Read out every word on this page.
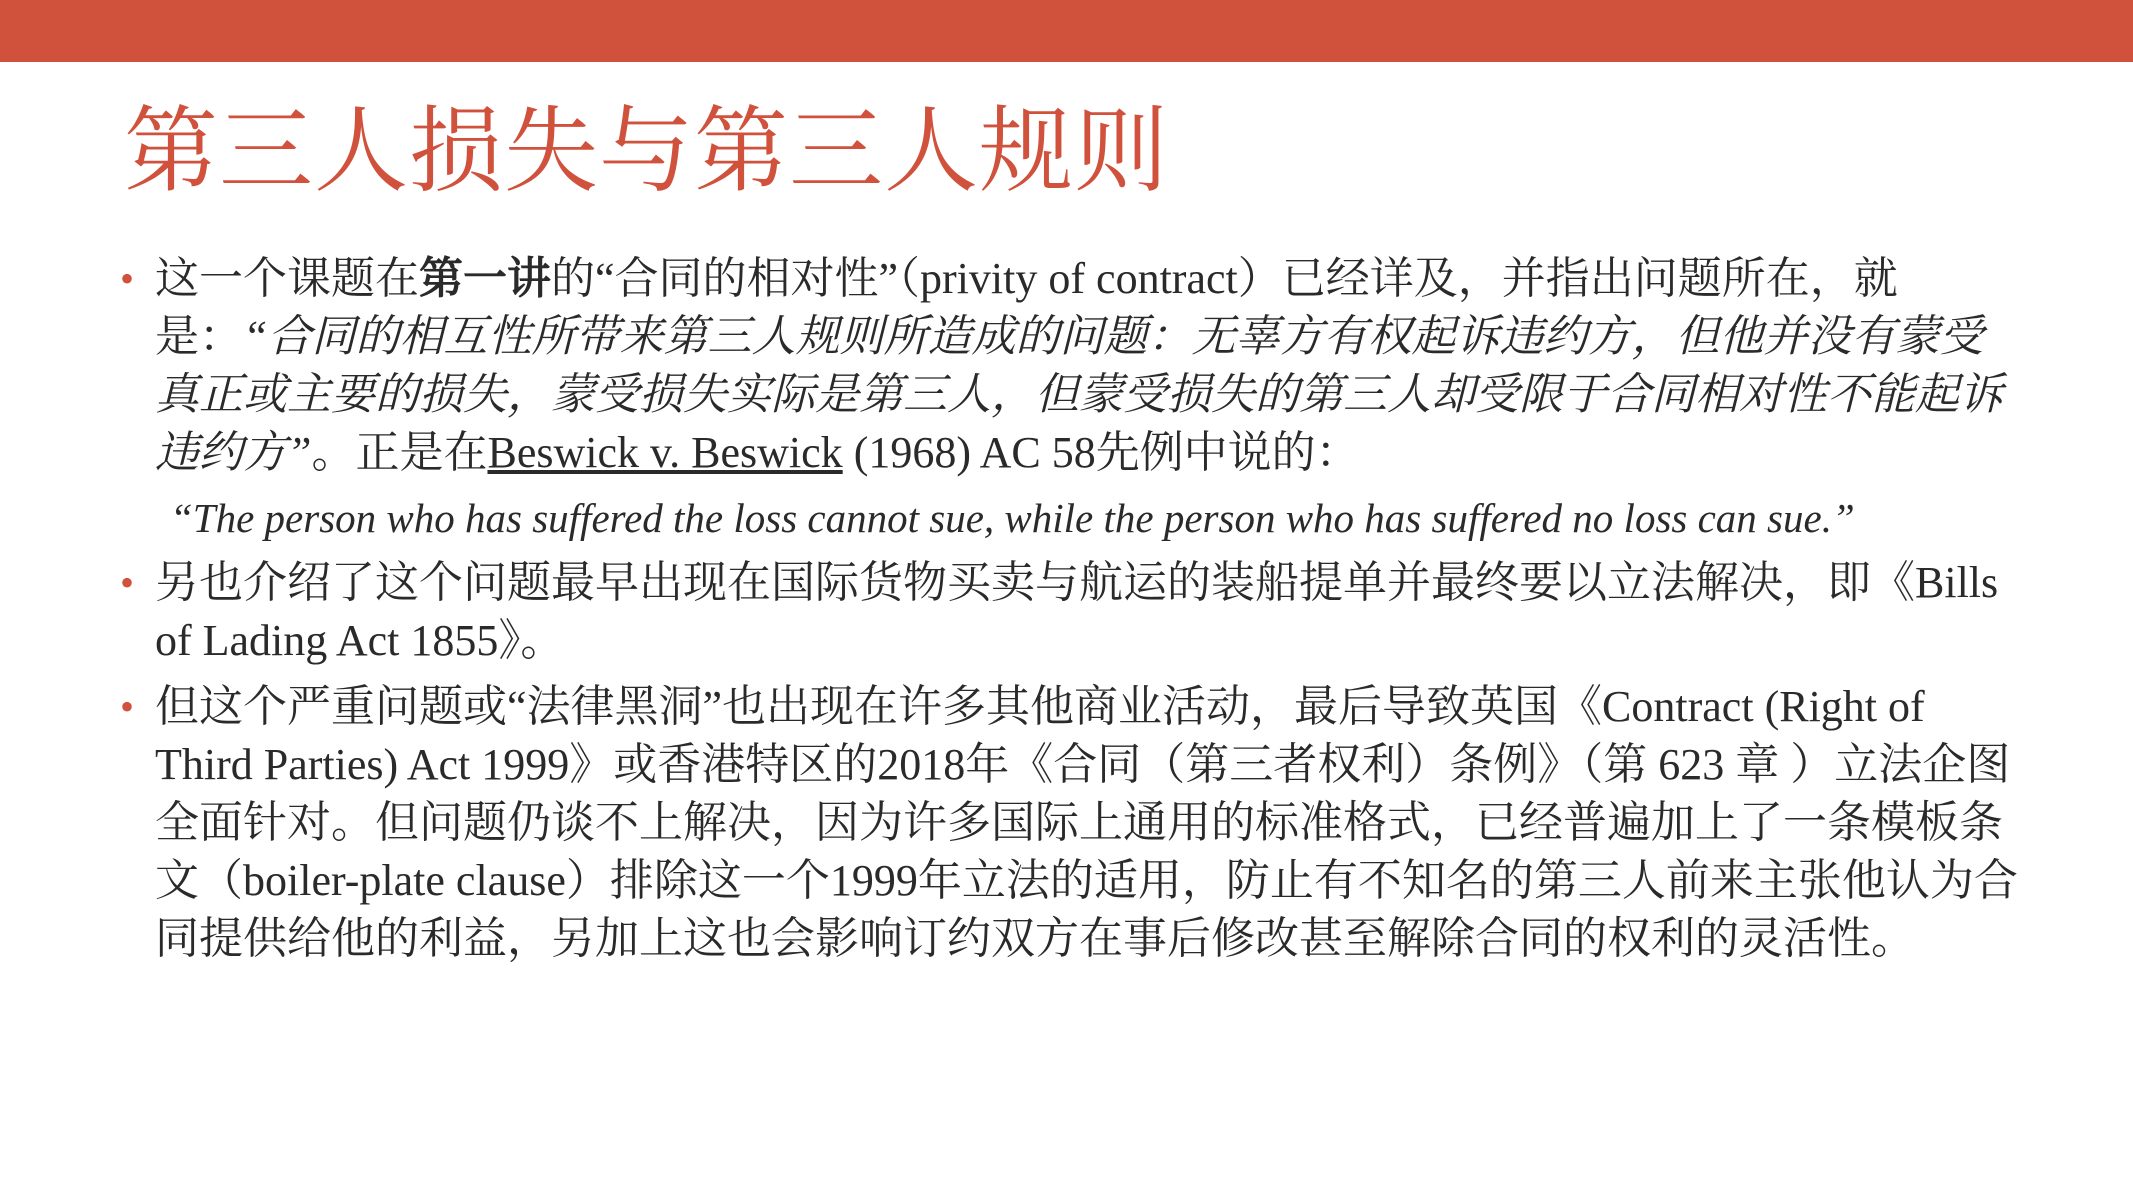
第三人损失与第三人规则
• 这一个课题在第一讲的“合同的相对性”（privity of contract）已经详及，并指出问题所在，就是：“合同的相互性所带来第三人规则所造成的问题：无辜方有权起诉违约方，但他并没有蒙受真正或主要的损失，蒙受损失实际是第三人，但蒙受损失的第三人却受限于合同相对性不能起诉违约方”。正是在Beswick v. Beswick (1968) AC 58先例中说的：
“The person who has suffered the loss cannot sue, while the person who has suffered no loss can sue.”
• 另也介绍了这个问题最早出现在国际货物买卖与航运的装船提单并最终要以立法解决，即《Bills of Lading Act 1855》。
• 但这个严重问题或“法律黑洞”也出现在许多其他商业活动，最后导致英国《Contract (Right of Third Parties) Act 1999》或香港特区的2018年《合同（第三者权利）条例》（第 623 章 ）立法企图全面针对。但问题仍谈不上解决，因为许多国际上通用的标准格式，已经普遍加上了一条模板条文（boiler-plate clause）排除这一个1999年立法的适用，防止有不知名的第三人前来主张他认为合同提供给他的利益，另加上这也会影响订约双方在事后修改甚至解除合同的权利的灵活性。
